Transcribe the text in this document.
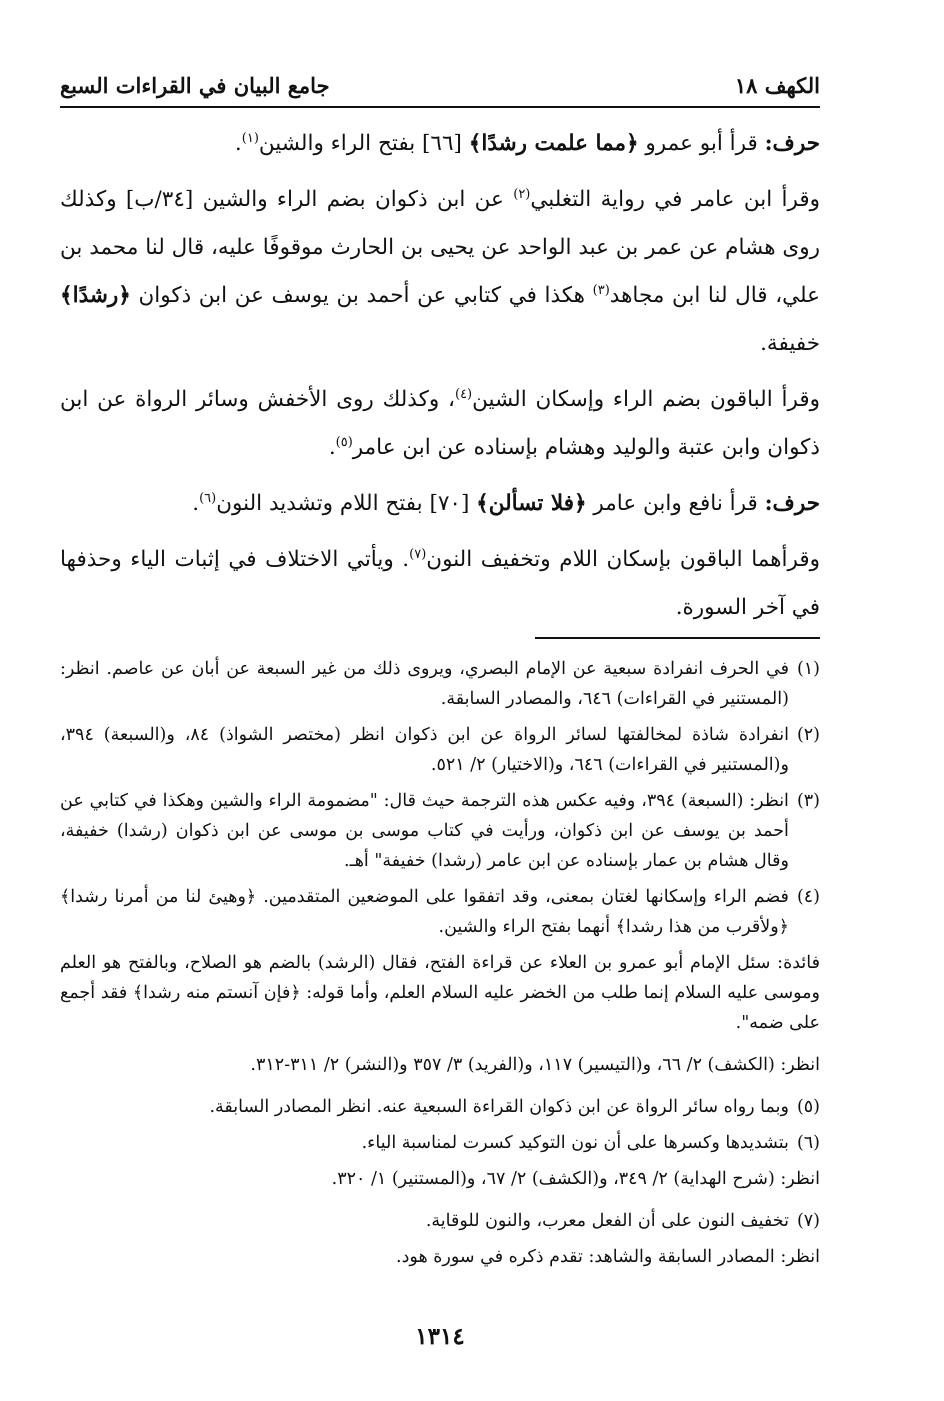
الكهف ١٨
جامع البيان في القراءات السبع

حرف: قرأ أبو عمرو ﴿مما علمت رشدًا﴾ [٦٦] بفتح الراء والشين$^{(١)}$.

وقرأ ابن عامر في رواية التغلبي$^{(٢)}$ عن ابن ذكوان بضم الراء والشين [٣٤/ب] وكذلك روى هشام عن عمر بن عبد الواحد عن يحيى بن الحارث موقوفًا عليه، قال لنا محمد بن علي، قال لنا ابن مجاهد$^{(٣)}$ هكذا في كتابي عن أحمد بن يوسف عن ابن ذكوان ﴿رشدًا﴾ خفيفة.

وقرأ الباقون بضم الراء وإسكان الشين$^{(٤)}$، وكذلك روى الأخفش وسائر الرواة عن ابن ذكوان وابن عتبة والوليد وهشام بإسناده عن ابن عامر$^{(٥)}$.

حرف: قرأ نافع وابن عامر ﴿فلا تسألن﴾ [٧٠] بفتح اللام وتشديد النون$^{(٦)}$.

وقرأهما الباقون بإسكان اللام وتخفيف النون$^{(٧)}$. ويأتي الاختلاف في إثبات الياء وحذفها في آخر السورة.

(١)
في الحرف انفرادة سبعية عن الإمام البصري، ويروى ذلك من غير السبعة عن أبان عن عاصم. انظر: (المستنير في القراءات) ٦٤٦، والمصادر السابقة.
(٢)
انفرادة شاذة لمخالفتها لسائر الرواة عن ابن ذكوان انظر (مختصر الشواذ) ٨٤، و(السبعة) ٣٩٤، و(المستنير في القراءات) ٦٤٦، و(الاختيار) ٢/ ٥٢١.
(٣)
انظر: (السبعة) ٣٩٤، وفيه عكس هذه الترجمة حيث قال: "مضمومة الراء والشين وهكذا في كتابي عن أحمد بن يوسف عن ابن ذكوان، ورأيت في كتاب موسى بن موسى عن ابن ذكوان (رشدا) خفيفة، وقال هشام بن عمار بإسناده عن ابن عامر (رشدا) خفيفة" أهـ.
(٤)
فضم الراء وإسكانها لغتان بمعنى، وقد اتفقوا على الموضعين المتقدمين. ﴿وهيئ لنا من أمرنا رشدا﴾ ﴿ولأقرب من هذا رشدا﴾ أنهما بفتح الراء والشين.
فائدة: سئل الإمام أبو عمرو بن العلاء عن قراءة الفتح، فقال (الرشد) بالضم هو الصلاح، وبالفتح هو العلم وموسى عليه السلام إنما طلب من الخضر عليه السلام العلم، وأما قوله: ﴿فإن آنستم منه رشدا﴾ فقد أجمع على ضمه".
انظر: (الكشف) ٢/ ٦٦، و(التيسير) ١١٧، و(الفريد) ٣/ ٣٥٧ و(النشر) ٢/ ٣١١-٣١٢.
(٥)
وبما رواه سائر الرواة عن ابن ذكوان القراءة السبعية عنه. انظر المصادر السابقة.
(٦)
بتشديدها وكسرها على أن نون التوكيد كسرت لمناسبة الياء.
انظر: (شرح الهداية) ٢/ ٣٤٩، و(الكشف) ٢/ ٦٧، و(المستنير) ١/ ٣٢٠.
(٧)
تخفيف النون على أن الفعل معرب، والنون للوقاية.
انظر: المصادر السابقة والشاهد: تقدم ذكره في سورة هود.
١٣١٤
